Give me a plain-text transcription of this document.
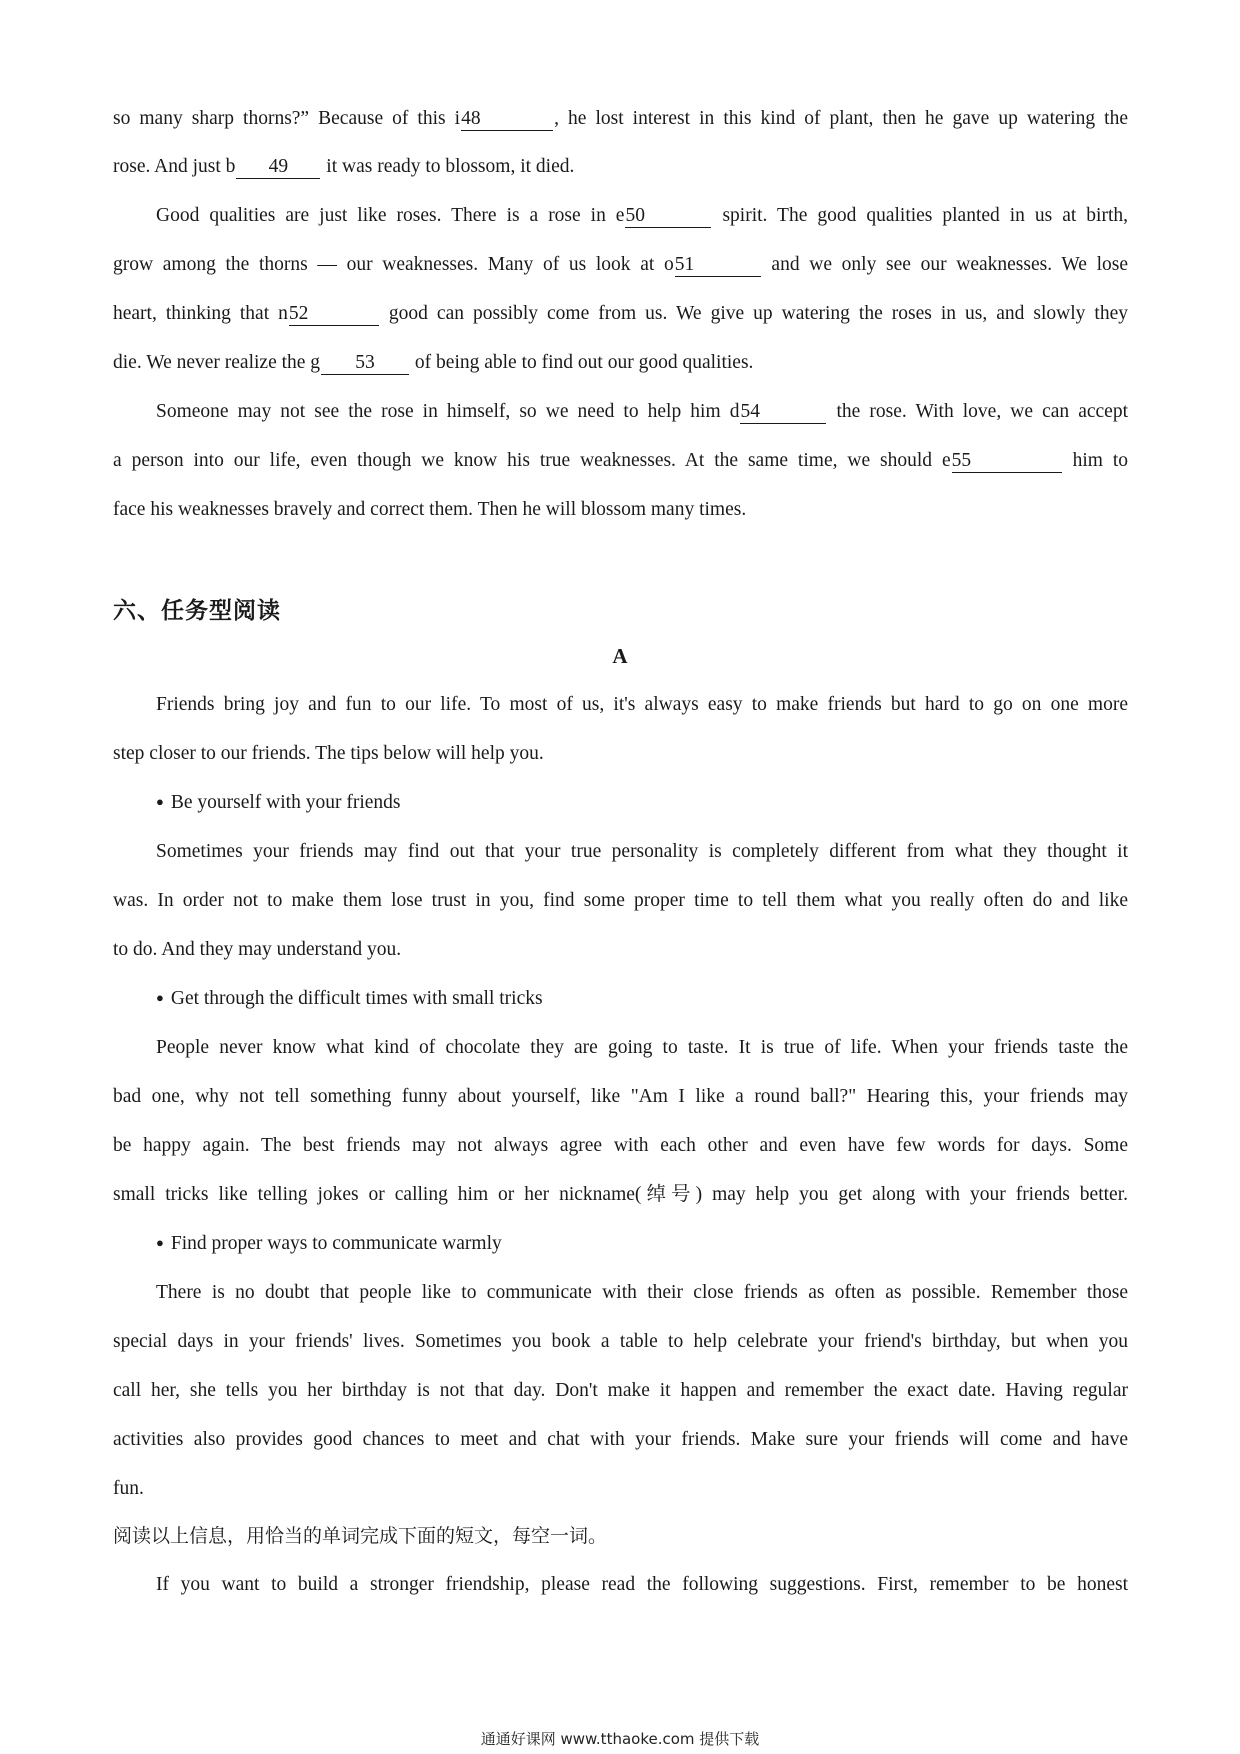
so many sharp thorns?” Because of this i48	, he lost interest in this kind of plant, then he gave up watering the
rose. And just b 49 it was ready to blossom, it died.
Good qualities are just like roses. There is a rose in e50	spirit. The good qualities planted in us at birth,
grow among the thorns — our weaknesses. Many of us look at o51	and we only see our weaknesses. We lose
heart, thinking that n52	good can possibly come from us. We give up watering the roses in us, and slowly they
die. We never realize the g 53 of being able to find out our good qualities.
Someone may not see the rose in himself, so we need to help him d54	the rose. With love, we can accept
a person into our life, even though we know his true weaknesses. At the same time, we should e55	him to
face his weaknesses bravely and correct them. Then he will blossom many times.
六、任务型阅读
A
Friends bring joy and fun to our life. To most of us, it's always easy to make friends but hard to go on one more
step closer to our friends. The tips below will help you.
● Be yourself with your friends
Sometimes your friends may find out that your true personality is completely different from what they thought it
was. In order not to make them lose trust in you, find some proper time to tell them what you really often do and like
to do. And they may understand you.
● Get through the difficult times with small tricks
People never know what kind of chocolate they are going to taste. It is true of life. When your friends taste the
bad one, why not tell something funny about yourself, like "Am I like a round ball?" Hearing this, your friends may
be happy again. The best friends may not always agree with each other and even have few words for days. Some
small tricks like telling jokes or calling him or her nickname(绰号) may help you get along with your friends better.
● Find proper ways to communicate warmly
There is no doubt that people like to communicate with their close friends as often as possible. Remember those
special days in your friends' lives. Sometimes you book a table to help celebrate your friend's birthday, but when you
call her, she tells you her birthday is not that day. Don't make it happen and remember the exact date. Having regular
activities also provides good chances to meet and chat with your friends. Make sure your friends will come and have
fun.
阅读以上信息，用恰当的单词完成下面的短文，每空一词。
If you want to build a stronger friendship, please read the following suggestions. First, remember to be honest
通通好课网 www.tthaoke.com 提供下载
